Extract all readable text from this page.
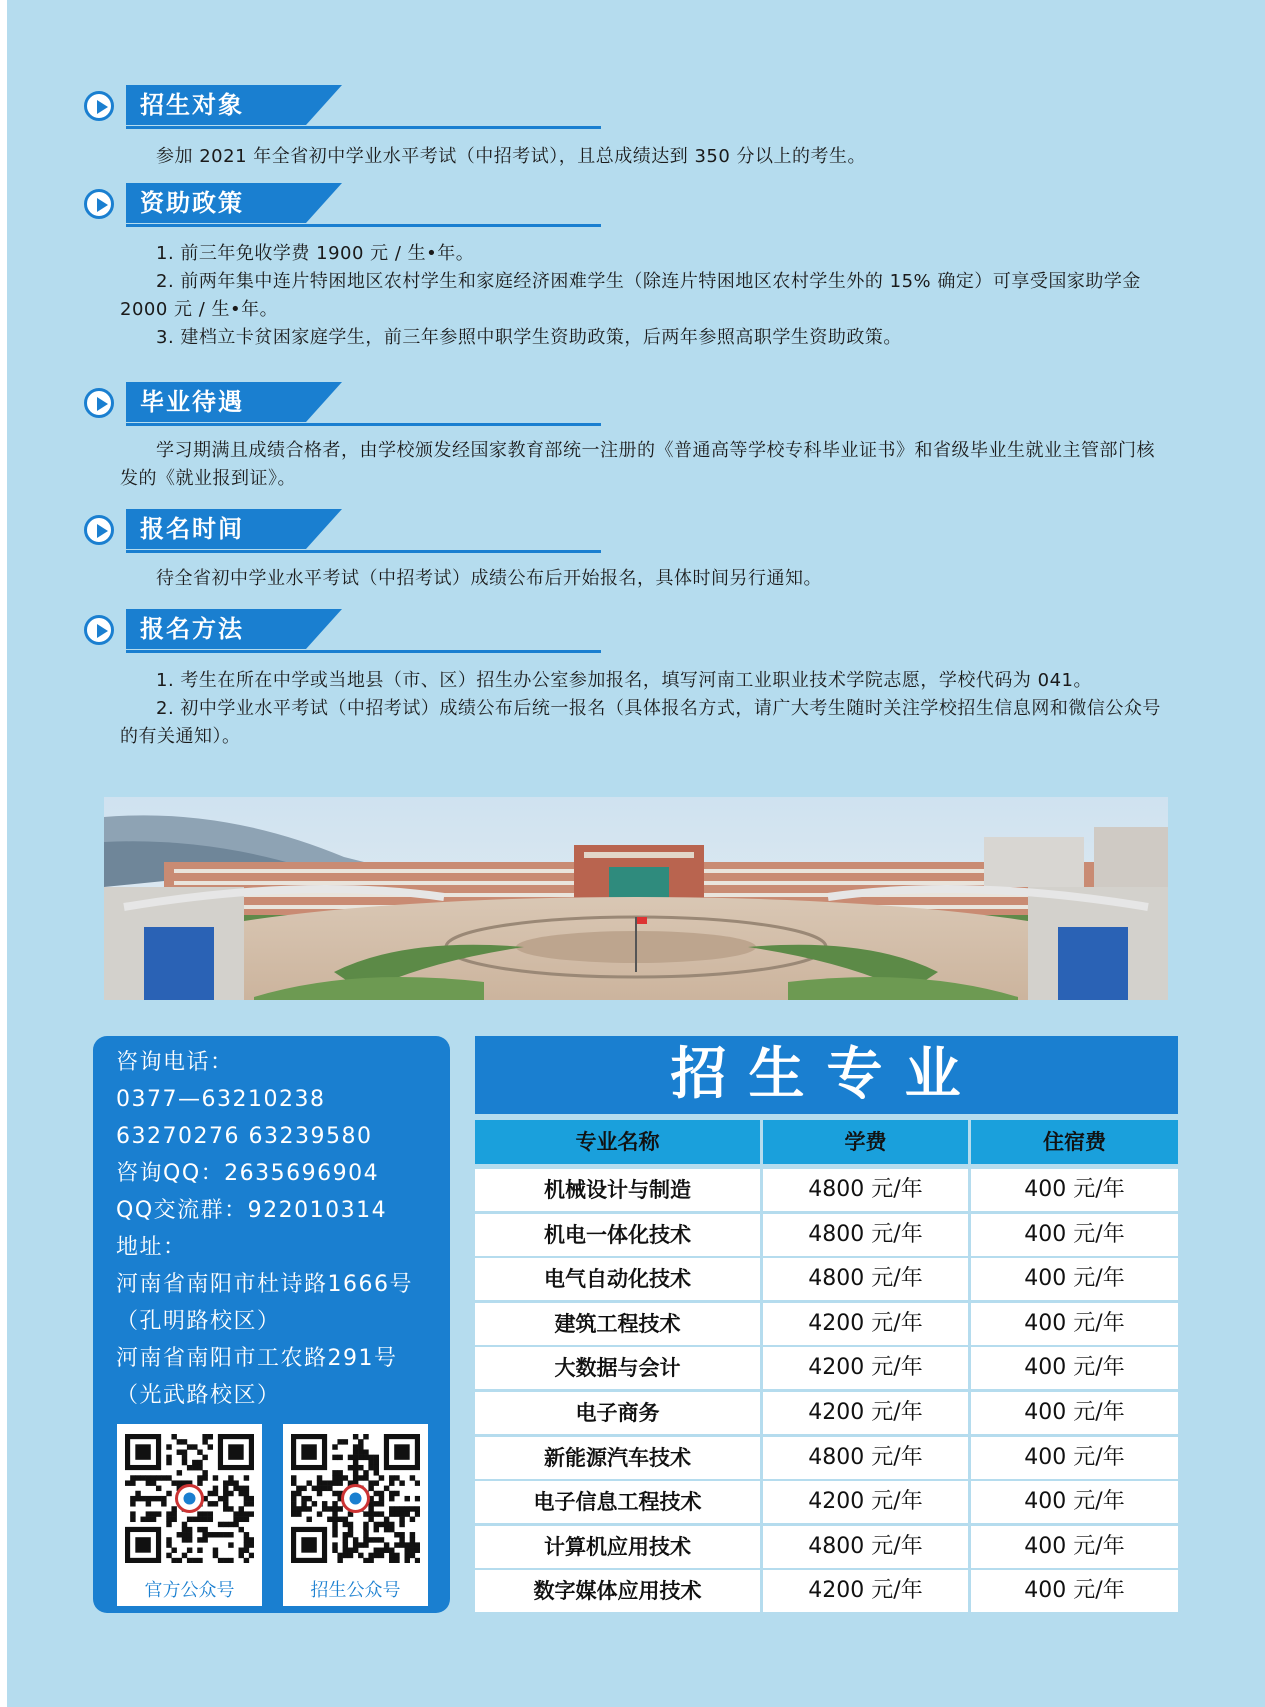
招生对象

参加 2021 年全省初中学业水平考试（中招考试），且总成绩达到 350 分以上的考生。

资助政策

1. 前三年免收学费 1900 元 / 生•年。

2. 前两年集中连片特困地区农村学生和家庭经济困难学生（除连片特困地区农村学生外的 15% 确定）可享受国家助学金 2000 元 / 生•年。

3. 建档立卡贫困家庭学生，前三年参照中职学生资助政策，后两年参照高职学生资助政策。

毕业待遇

学习期满且成绩合格者，由学校颁发经国家教育部统一注册的《普通高等学校专科毕业证书》和省级毕业生就业主管部门核发的《就业报到证》。

报名时间

待全省初中学业水平考试（中招考试）成绩公布后开始报名，具体时间另行通知。

报名方法

1. 考生在所在中学或当地县（市、区）招生办公室参加报名，填写河南工业职业技术学院志愿，学校代码为 041。

2. 初中学业水平考试（中招考试）成绩公布后统一报名（具体报名方式，请广大考生随时关注学校招生信息网和微信公众号的有关通知）。

咨询电话：
0377—63210238
63270276 63239580
咨询QQ：2635696904
QQ交流群：922010314
地址：
河南省南阳市杜诗路1666号
（孔明路校区）
河南省南阳市工农路291号
（光武路校区）
官方公众号	招生公众号
招生专业
专业名称	学费	住宿费
机械设计与制造	4800 元/年	400 元/年
机电一体化技术	4800 元/年	400 元/年
电气自动化技术	4800 元/年	400 元/年
建筑工程技术	4200 元/年	400 元/年
大数据与会计	4200 元/年	400 元/年
电子商务	4200 元/年	400 元/年
新能源汽车技术	4800 元/年	400 元/年
电子信息工程技术	4200 元/年	400 元/年
计算机应用技术	4800 元/年	400 元/年
数字媒体应用技术	4200 元/年	400 元/年
